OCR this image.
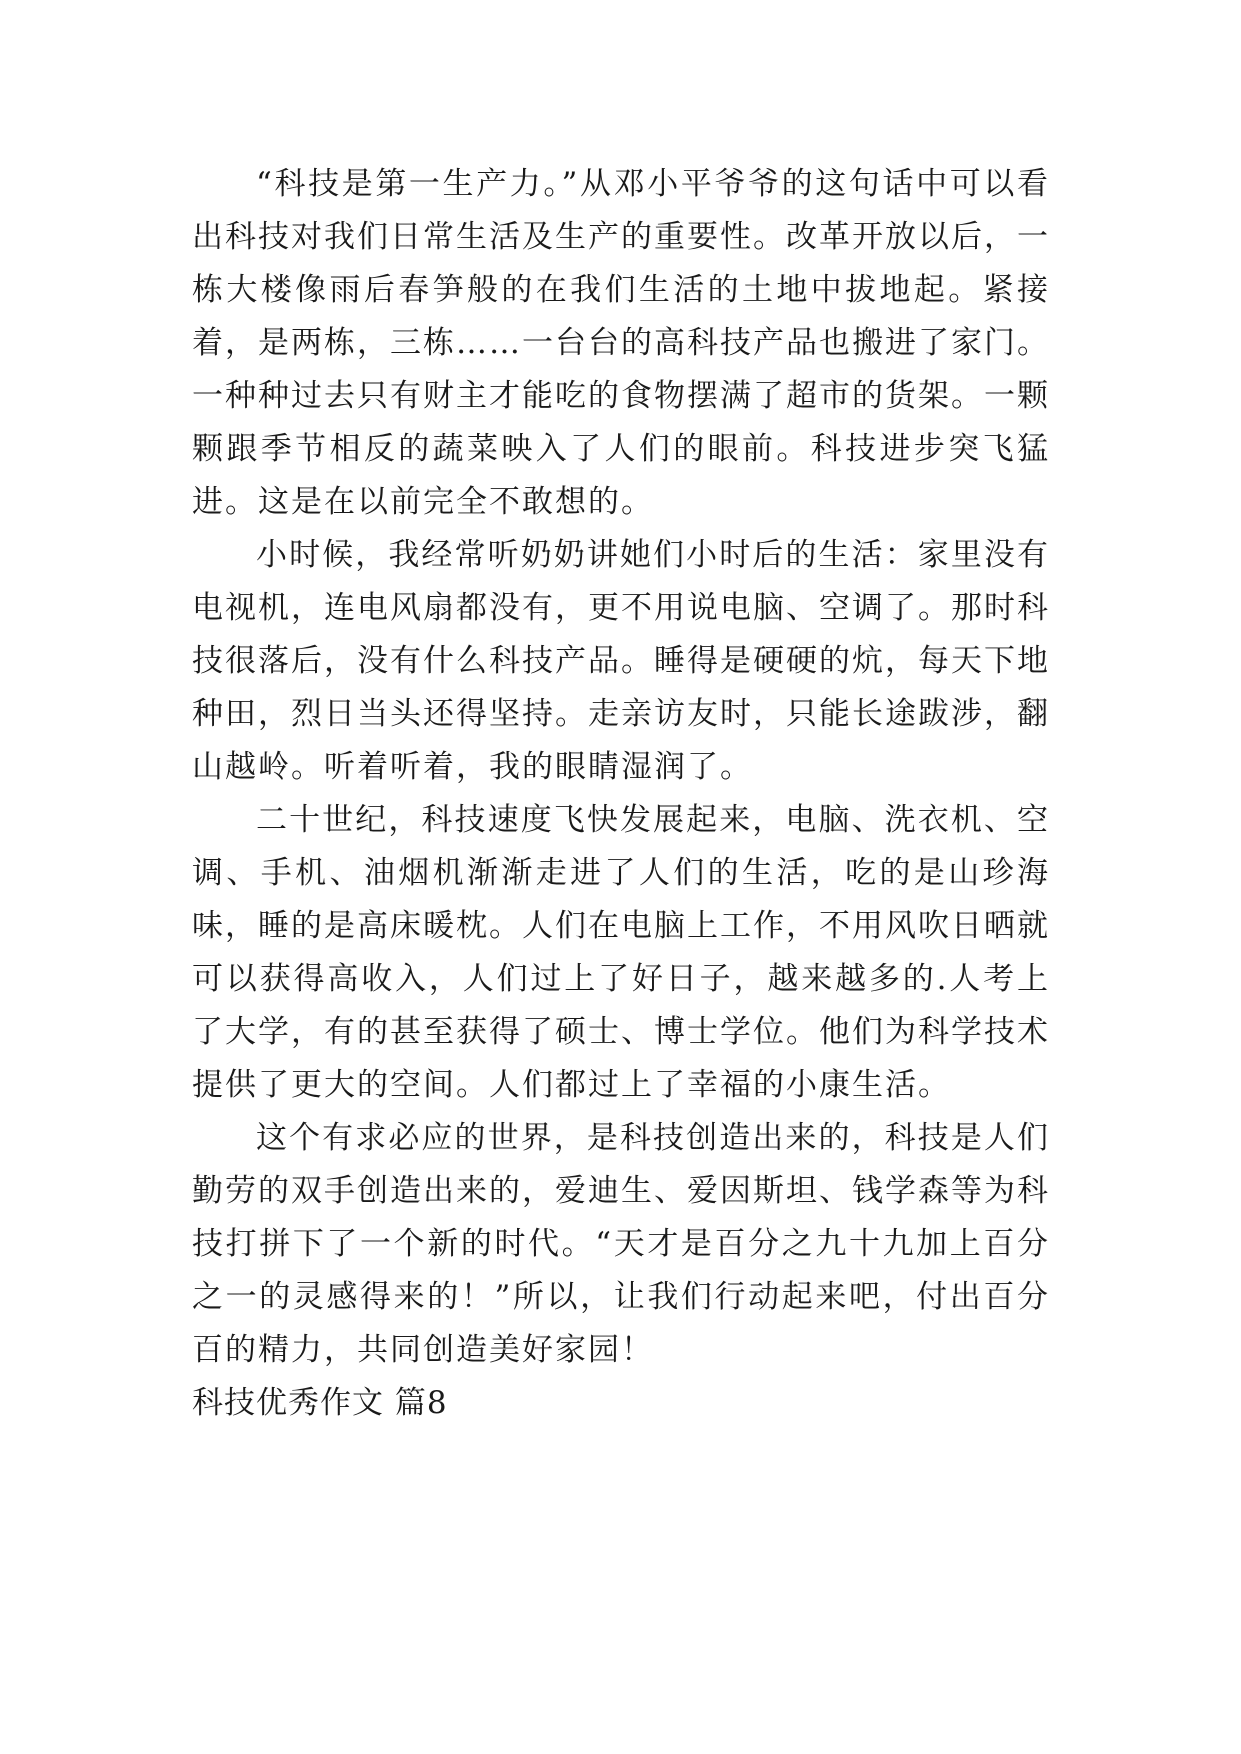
“科技是第一生产力。”从邓小平爷爷的这句话中可以看出科技对我们日常生活及生产的重要性。改革开放以后，一栋大楼像雨后春笋般的在我们生活的土地中拔地起。紧接着，是两栋，三栋……一台台的高科技产品也搬进了家门。一种种过去只有财主才能吃的食物摆满了超市的货架。一颗颗跟季节相反的蔬菜映入了人们的眼前。科技进步突飞猛进。这是在以前完全不敢想的。

小时候，我经常听奶奶讲她们小时后的生活：家里没有电视机，连电风扇都没有，更不用说电脑、空调了。那时科技很落后，没有什么科技产品。睡得是硬硬的炕，每天下地种田，烈日当头还得坚持。走亲访友时，只能长途跋涉，翻山越岭。听着听着，我的眼睛湿润了。

二十世纪，科技速度飞快发展起来，电脑、洗衣机、空调、手机、油烟机渐渐走进了人们的生活，吃的是山珍海味，睡的是高床暖枕。人们在电脑上工作，不用风吹日晒就可以获得高收入，人们过上了好日子，越来越多的.人考上了大学，有的甚至获得了硕士、博士学位。他们为科学技术提供了更大的空间。人们都过上了幸福的小康生活。

这个有求必应的世界，是科技创造出来的，科技是人们勤劳的双手创造出来的，爱迪生、爱因斯坦、钱学森等为科技打拼下了一个新的时代。“天才是百分之九十九加上百分之一的灵感得来的！”所以，让我们行动起来吧，付出百分百的精力，共同创造美好家园！

科技优秀作文 篇8
